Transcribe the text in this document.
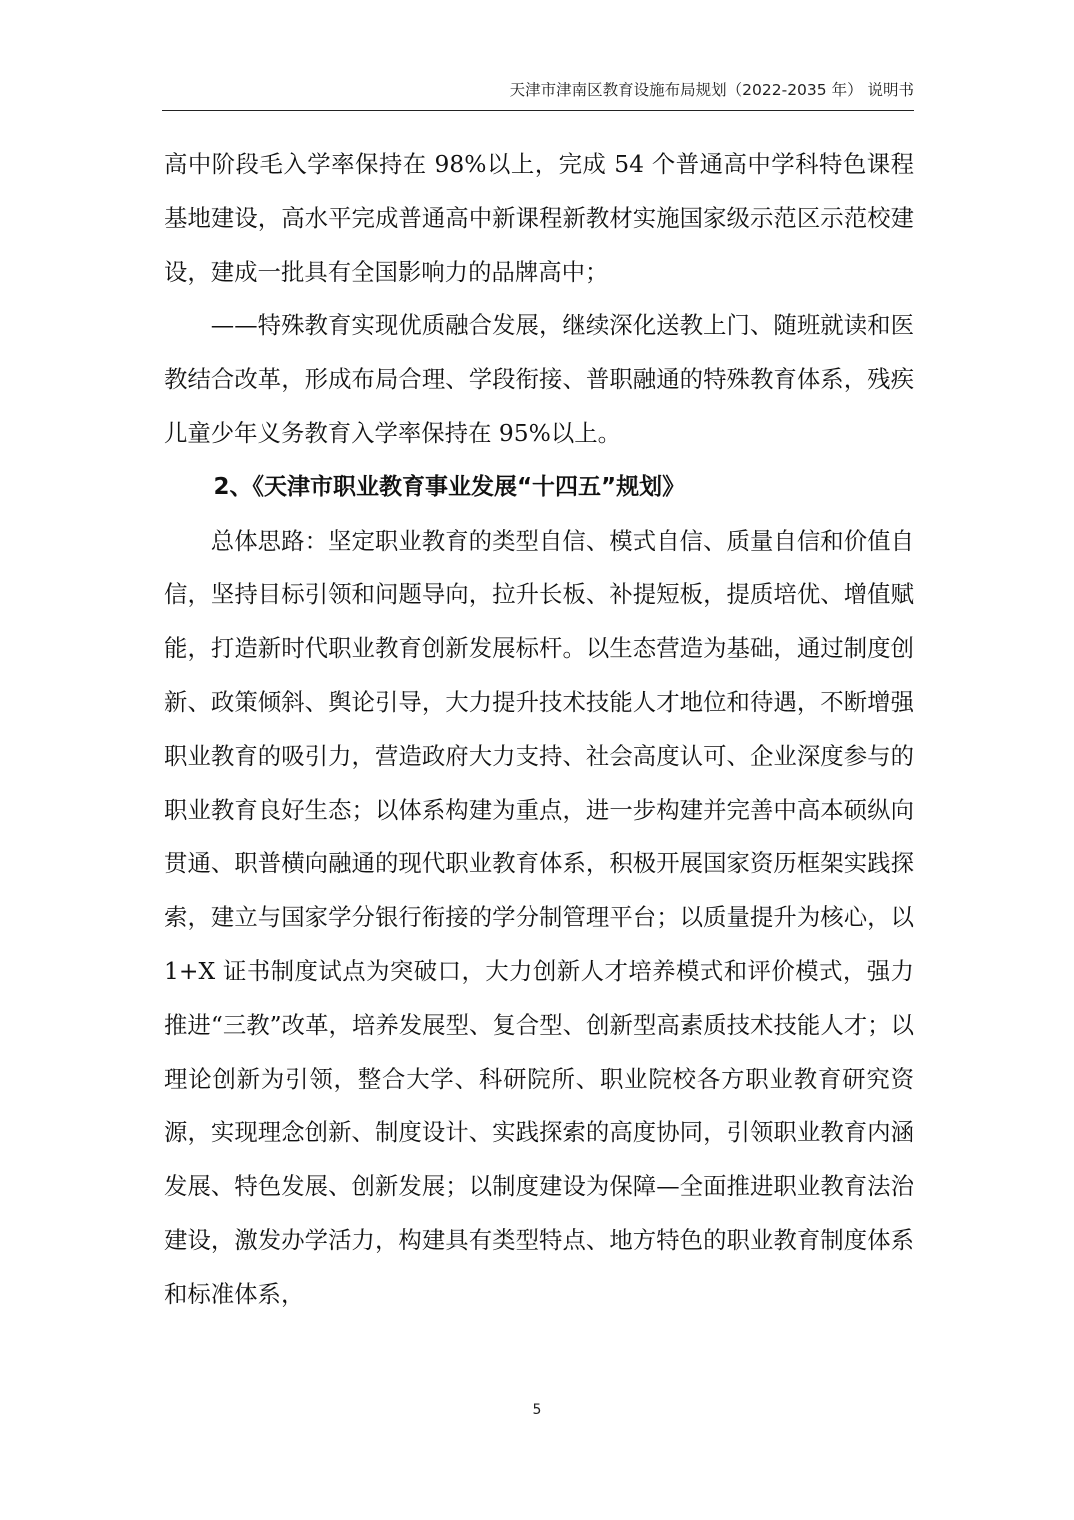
天津市津南区教育设施布局规划（2022-2035 年） 说明书

高中阶段毛入学率保持在 98%以上，完成 54 个普通高中学科特色课程基地建设，高水平完成普通高中新课程新教材实施国家级示范区示范校建设，建成一批具有全国影响力的品牌高中；

——特殊教育实现优质融合发展，继续深化送教上门、随班就读和医教结合改革，形成布局合理、学段衔接、普职融通的特殊教育体系，残疾儿童少年义务教育入学率保持在 95%以上。

2、《天津市职业教育事业发展“十四五”规划》

总体思路：坚定职业教育的类型自信、模式自信、质量自信和价值自信，坚持目标引领和问题导向，拉升长板、补提短板，提质培优、增值赋能，打造新时代职业教育创新发展标杆。以生态营造为基础，通过制度创新、政策倾斜、舆论引导，大力提升技术技能人才地位和待遇，不断增强职业教育的吸引力，营造政府大力支持、社会高度认可、企业深度参与的职业教育良好生态；以体系构建为重点，进一步构建并完善中高本硕纵向贯通、职普横向融通的现代职业教育体系，积极开展国家资历框架实践探索，建立与国家学分银行衔接的学分制管理平台；以质量提升为核心，以 1+X 证书制度试点为突破口，大力创新人才培养模式和评价模式，强力推进“三教”改革，培养发展型、复合型、创新型高素质技术技能人才；以理论创新为引领，整合大学、科研院所、职业院校各方职业教育研究资源，实现理念创新、制度设计、实践探索的高度协同，引领职业教育内涵发展、特色发展、创新发展；以制度建设为保障—全面推进职业教育法治建设，激发办学活力，构建具有类型特点、地方特色的职业教育制度体系和标准体系，

5
